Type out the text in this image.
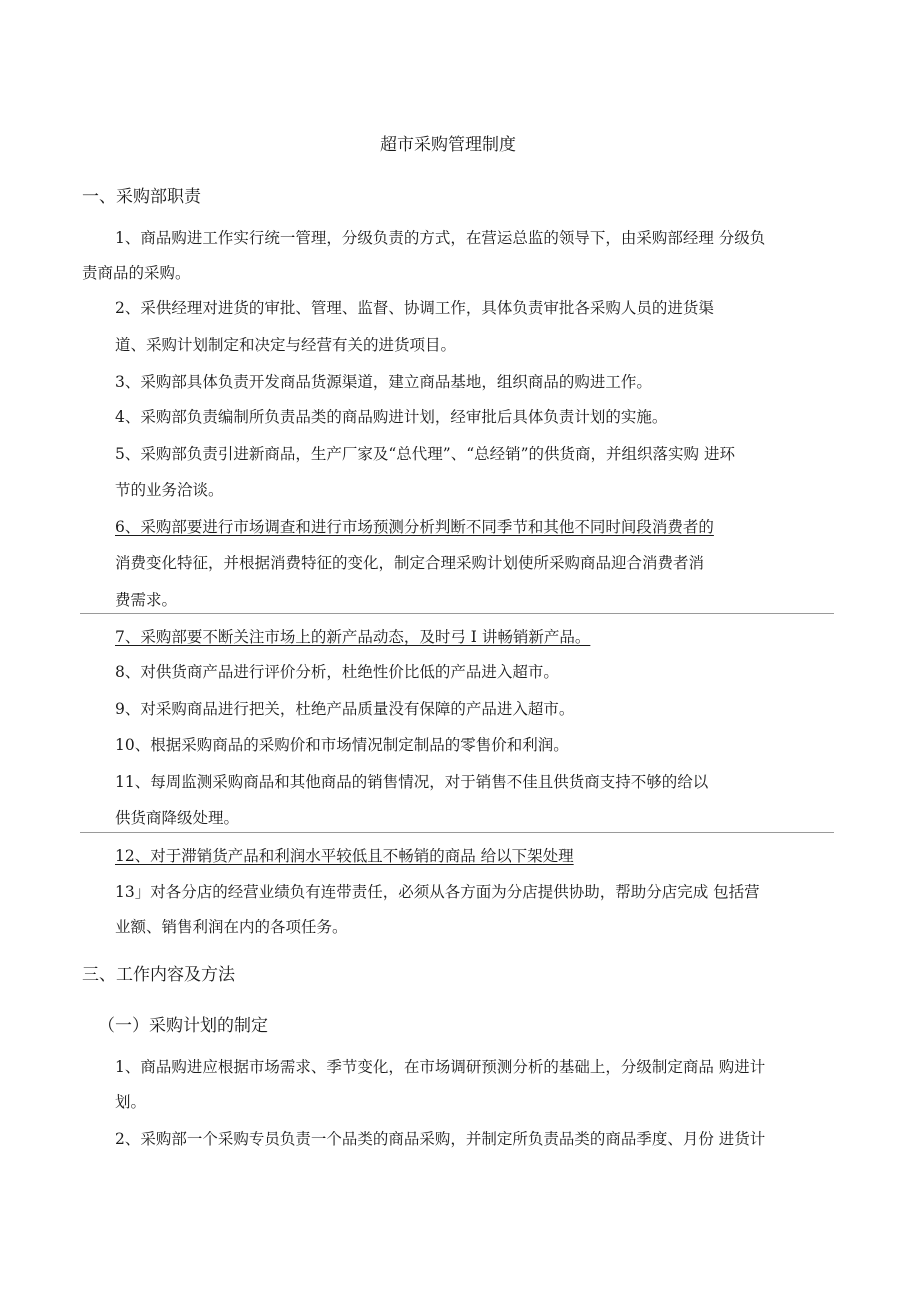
超市采购管理制度
一、采购部职责
1、商品购进工作实行统一管理，分级负责的方式，在营运总监的领导下，由采购部经理 分级负
责商品的采购。
2、采供经理对进货的审批、管理、监督、协调工作，具体负责审批各采购人员的进货渠
道、采购计划制定和决定与经营有关的进货项目。
3、采购部具体负责开发商品货源渠道，建立商品基地，组织商品的购进工作。
4、采购部负责编制所负责品类的商品购进计划，经审批后具体负责计划的实施。
5、采购部负责引进新商品，生产厂家及“总代理”、“总经销”的供货商，并组织落实购 进环
节的业务洽谈。
6、采购部要进行市场调查和进行市场预测分析判断不同季节和其他不同时间段消费者的
消费变化特征，并根据消费特征的变化，制定合理采购计划使所采购商品迎合消费者消
费需求。
7、采购部要不断关注市场上的新产品动态，及时弓 I 讲畅销新产品。
8、对供货商产品进行评价分析，杜绝性价比低的产品进入超市。
9、对采购商品进行把关，杜绝产品质量没有保障的产品进入超市。
10、根据采购商品的采购价和市场情况制定制品的零售价和利润。
11、每周监测采购商品和其他商品的销售情况，对于销售不佳且供货商支持不够的给以
供货商降级处理。
12、对于滞销货产品和利润水平较低且不畅销的商品 给以下架处理
13」对各分店的经营业绩负有连带责任，必须从各方面为分店提供协助，帮助分店完成 包括营
业额、销售利润在内的各项任务。
三、工作内容及方法
（一）采购计划的制定
1、商品购进应根据市场需求、季节变化，在市场调研预测分析的基础上，分级制定商品 购进计
划。
2、采购部一个采购专员负责一个品类的商品采购，并制定所负责品类的商品季度、月份 进货计
